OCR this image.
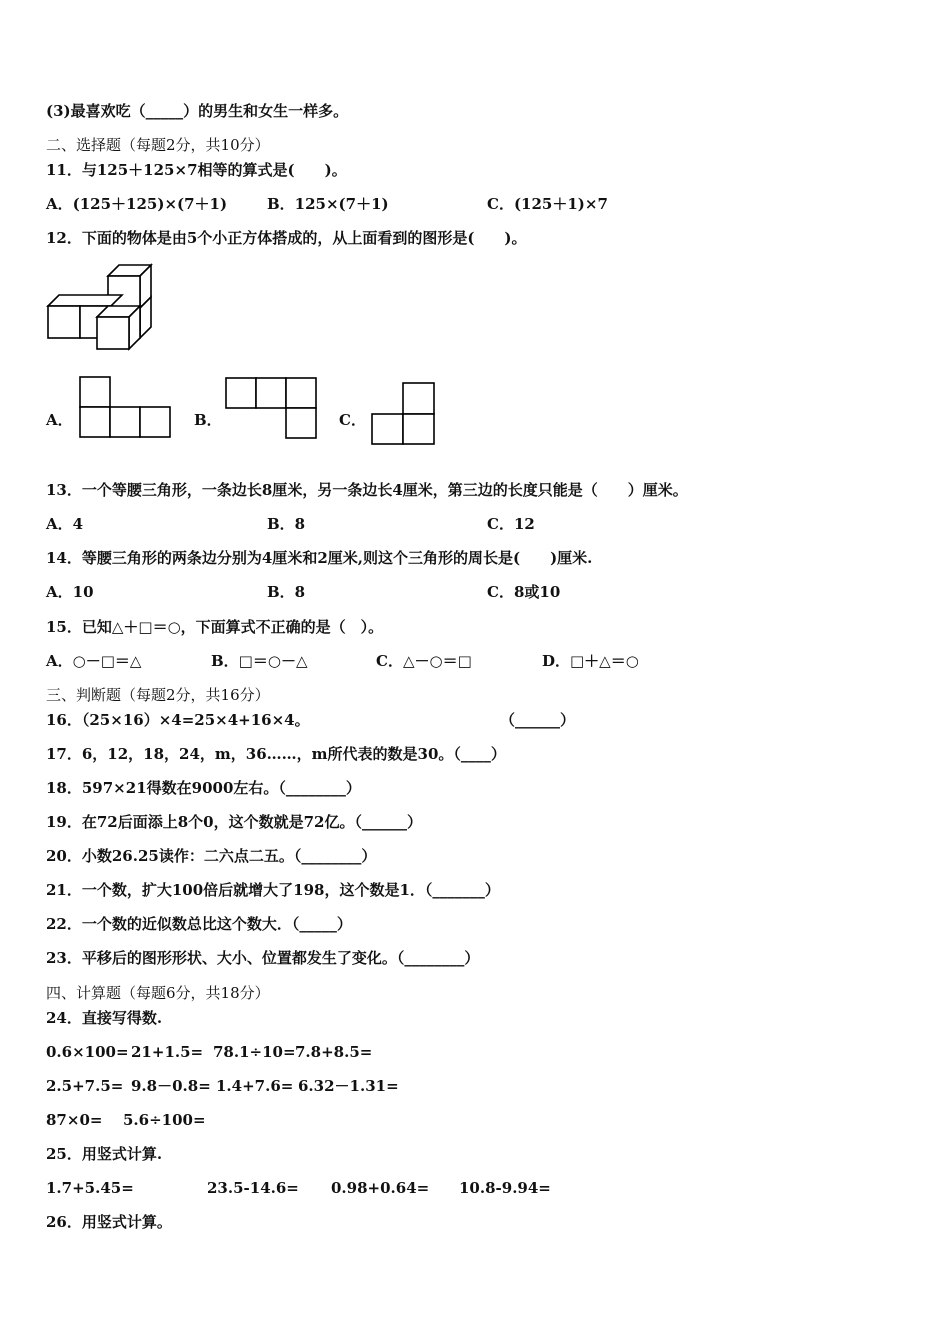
(3)最喜欢吃（_____）的男生和女生一样多。
二、选择题（每题2分，共10分）
11．与125＋125×7相等的算式是(　　)。
A．(125＋125)×(7＋1)	B．125×(7＋1)	C．(125＋1)×7
12．下面的物体是由5个小正方体搭成的，从上面看到的图形是(　　)。
A．	B．	C．
13．一个等腰三角形，一条边长8厘米，另一条边长4厘米，第三边的长度只能是（　　）厘米。
A．4	B．8	C．12
14．等腰三角形的两条边分别为4厘米和2厘米,则这个三角形的周长是(　　)厘米.
A．10	B．8	C．8或10
15．已知△＋□＝○，下面算式不正确的是（　）。
A．○－□＝△	B．□＝○－△	C．△－○＝□	D．□＋△＝○
三、判断题（每题2分，共16分）
16．（25×16）×4=25×4+16×4。	（______）
17．6，12，18，24，m，36……，m所代表的数是30。（____）
18．597×21得数在9000左右。（________）
19．在72后面添上8个0，这个数就是72亿。（______）
20．小数26.25读作：二六点二五。（________）
21．一个数，扩大100倍后就增大了198，这个数是1．（_______）
22．一个数的近似数总比这个数大．（_____）
23．平移后的图形形状、大小、位置都发生了变化。（________）
四、计算题（每题6分，共18分）
24．直接写得数.
0.6×100= 21+1.5= 78.1÷10= 7.8+8.5=
2.5+7.5= 9.8－0.8= 1.4+7.6= 6.32－1.31=
87×0= 5.6÷100=
25．用竖式计算.
1.7+5.45=	23.5-14.6= 0.98+0.64= 10.8-9.94=
26．用竖式计算。
